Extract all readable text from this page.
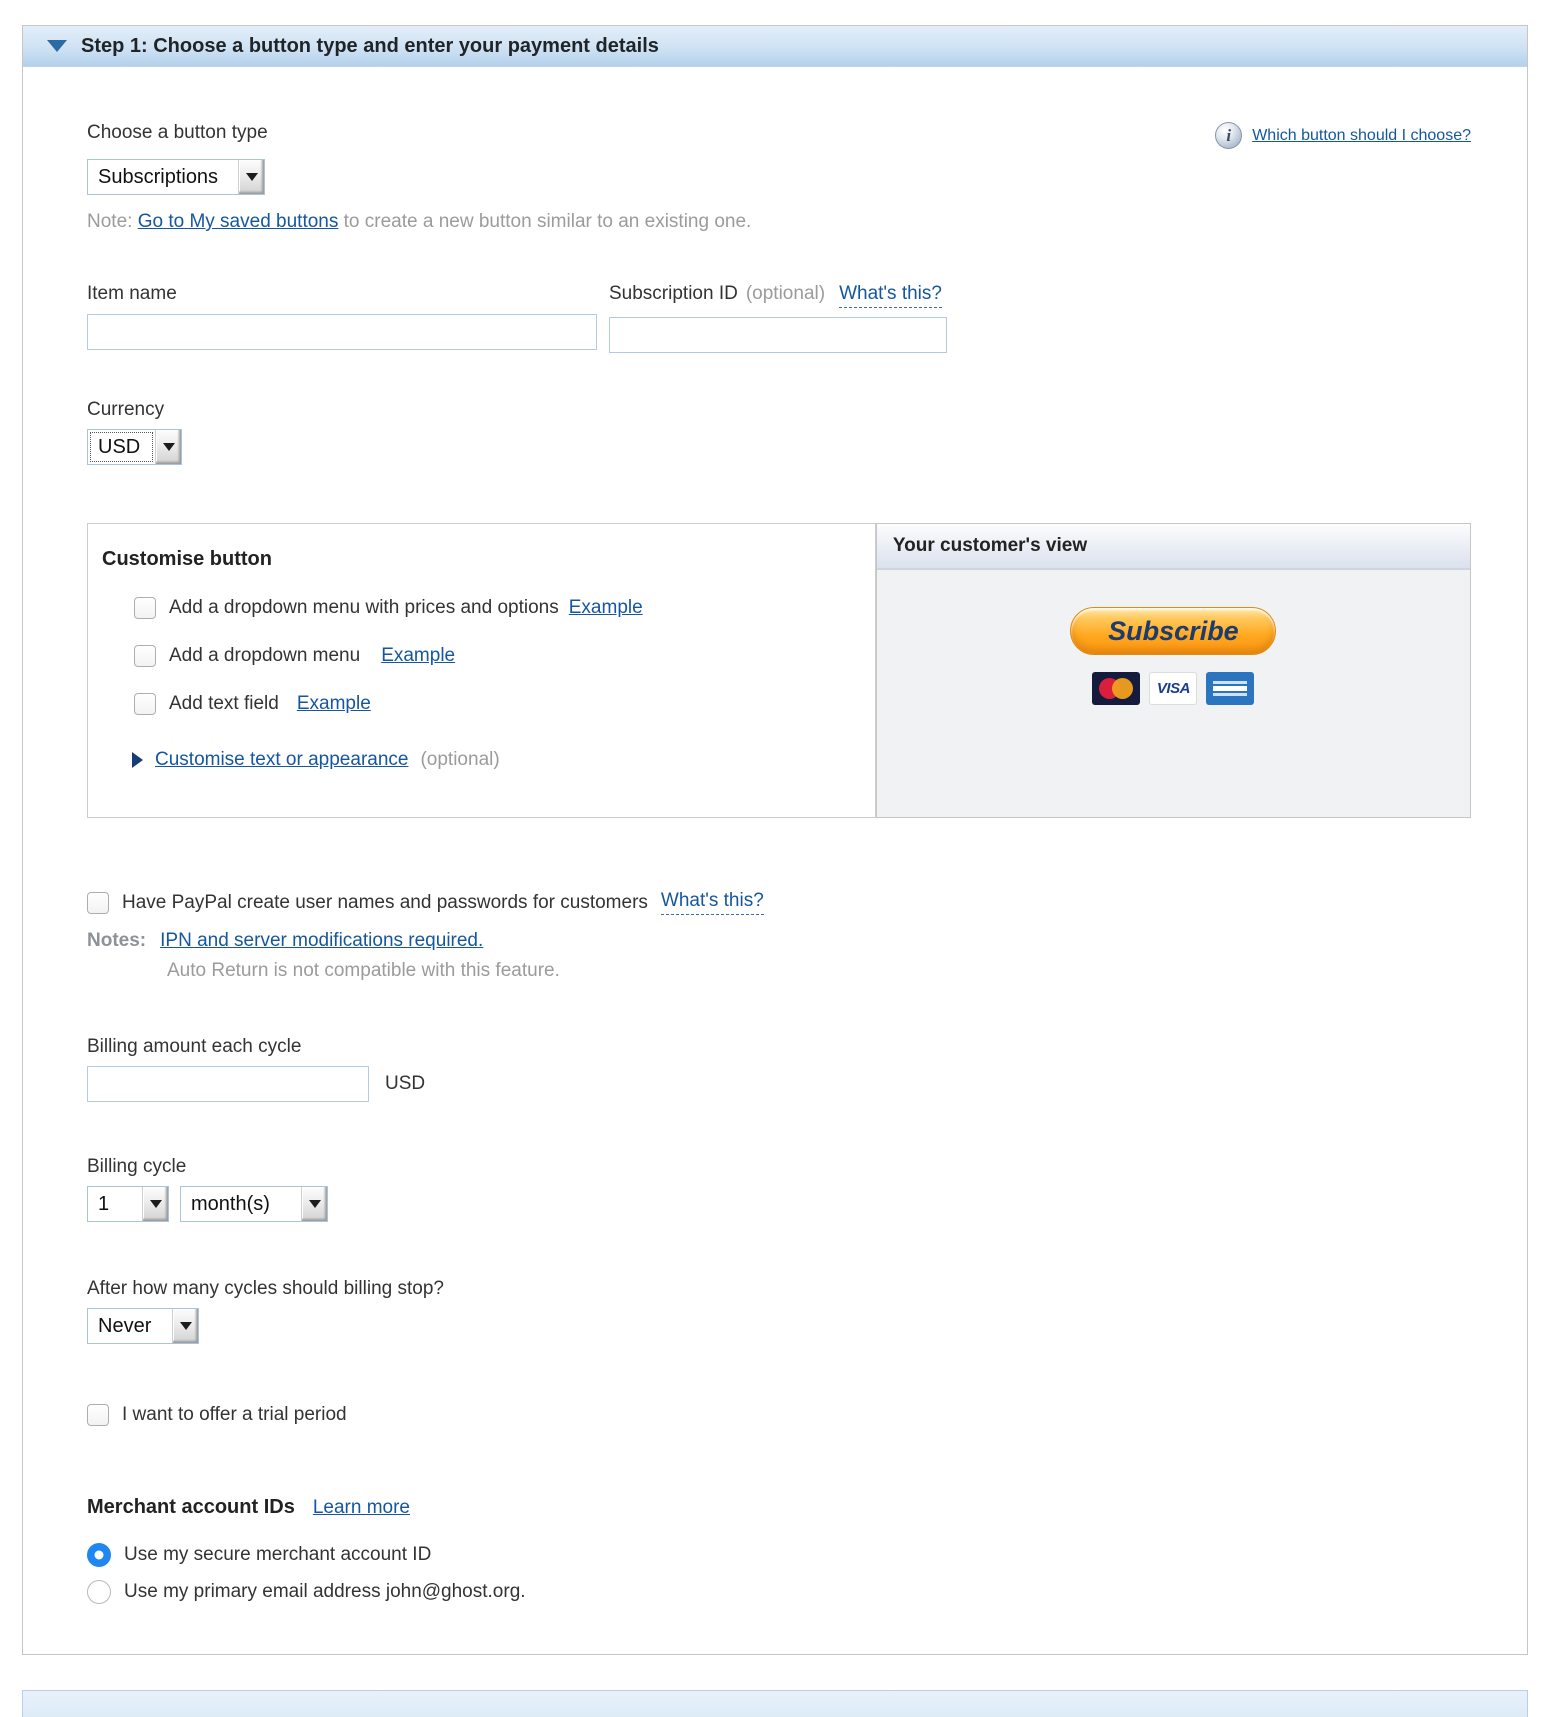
Step 1: Choose a button type and enter your payment details
Choose a button type	i	Which button should I choose?
Subscriptions
Note: Go to My saved buttons to create a new button similar to an existing one.
Item name	Subscription ID (optional) What's this?
Currency
USD
Customise button
Add a dropdown menu with prices and options Example
Add a dropdown menu Example
Add text field Example
Customise text or appearance (optional)
Your customer's view
Subscribe
VISA
Have PayPal create user names and passwords for customers What's this?
Notes: IPN and server modifications required.
Auto Return is not compatible with this feature.
Billing amount each cycle
USD
Billing cycle
1	month(s)
After how many cycles should billing stop?
Never
I want to offer a trial period
Merchant account IDs Learn more
Use my secure merchant account ID
Use my primary email address john@ghost.org.
